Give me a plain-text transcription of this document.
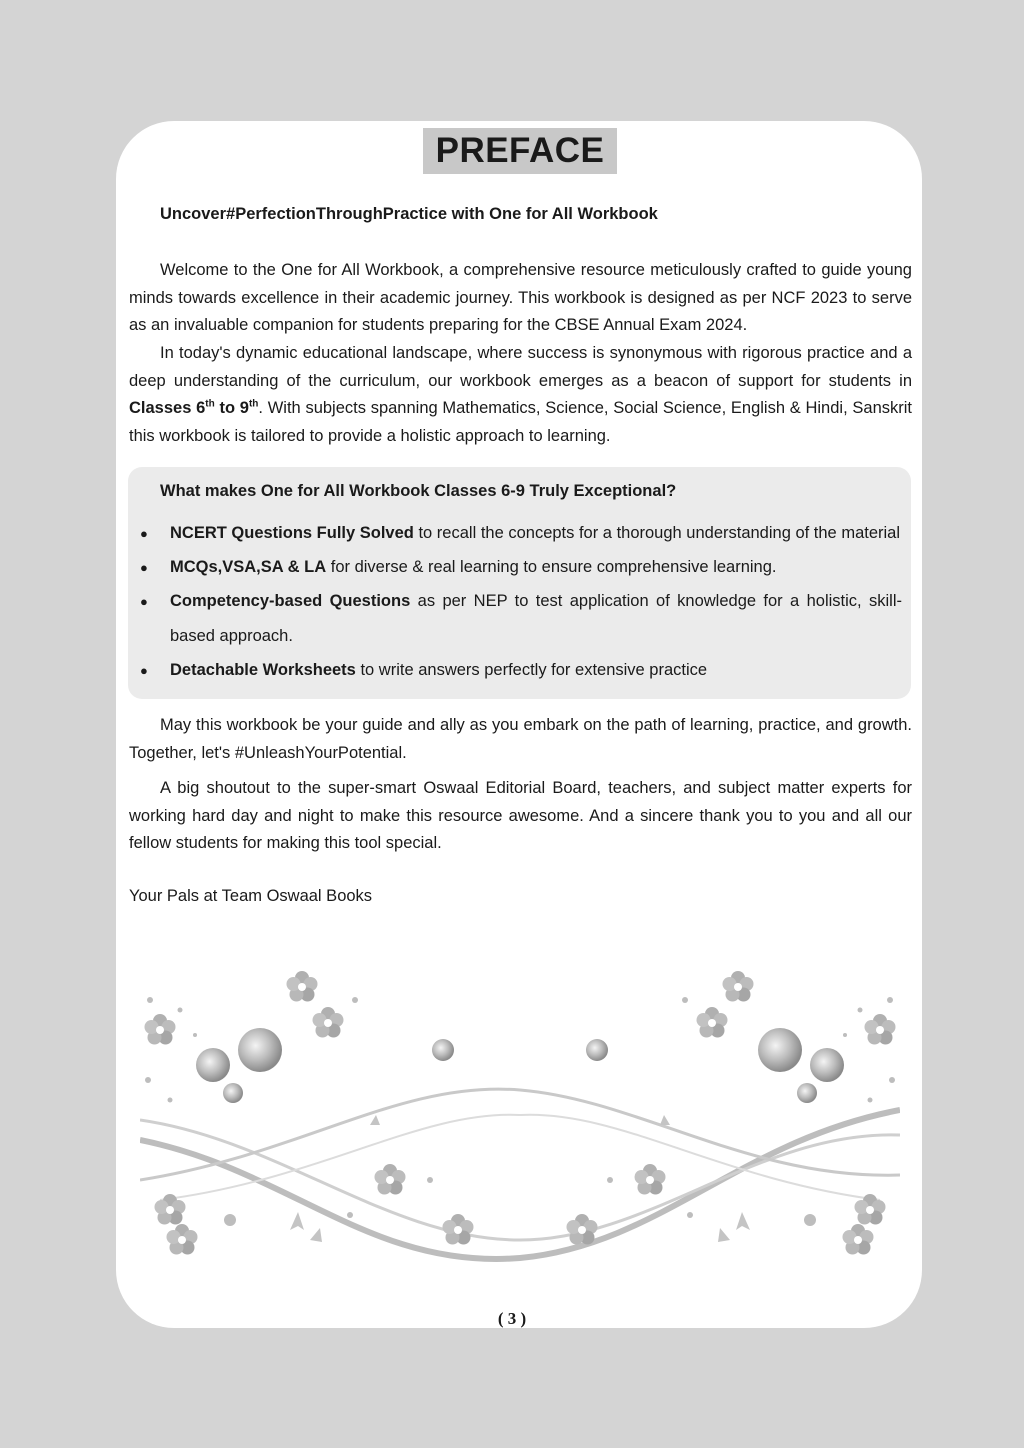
PREFACE
Uncover#PerfectionThroughPractice with One for All Workbook

Welcome to the One for All Workbook, a comprehensive resource meticulously crafted to guide young minds towards excellence in their academic journey. This workbook is designed as per NCF 2023 to serve as an invaluable companion for students preparing for the CBSE Annual Exam 2024.

In today's dynamic educational landscape, where success is synonymous with rigorous practice and a deep understanding of the curriculum, our workbook emerges as a beacon of support for students in Classes 6th to 9th. With subjects spanning Mathematics, Science, Social Science, English & Hindi, Sanskrit this workbook is tailored to provide a holistic approach to learning.

What makes One for All Workbook Classes 6-9 Truly Exceptional?
● NCERT Questions Fully Solved to recall the concepts for a thorough understanding of the material
● MCQs,VSA,SA & LA for diverse & real learning to ensure comprehensive learning.
● Competency-based Questions as per NEP to test application of knowledge for a holistic, skill-based approach.
● Detachable Worksheets to write answers perfectly for extensive practice

May this workbook be your guide and ally as you embark on the path of learning, practice, and growth. Together, let's #UnleashYourPotential.

A big shoutout to the super-smart Oswaal Editorial Board, teachers, and subject matter experts for working hard day and night to make this resource awesome. And a sincere thank you to you and all our fellow students for making this tool special.

Your Pals at Team Oswaal Books
( 3 )
